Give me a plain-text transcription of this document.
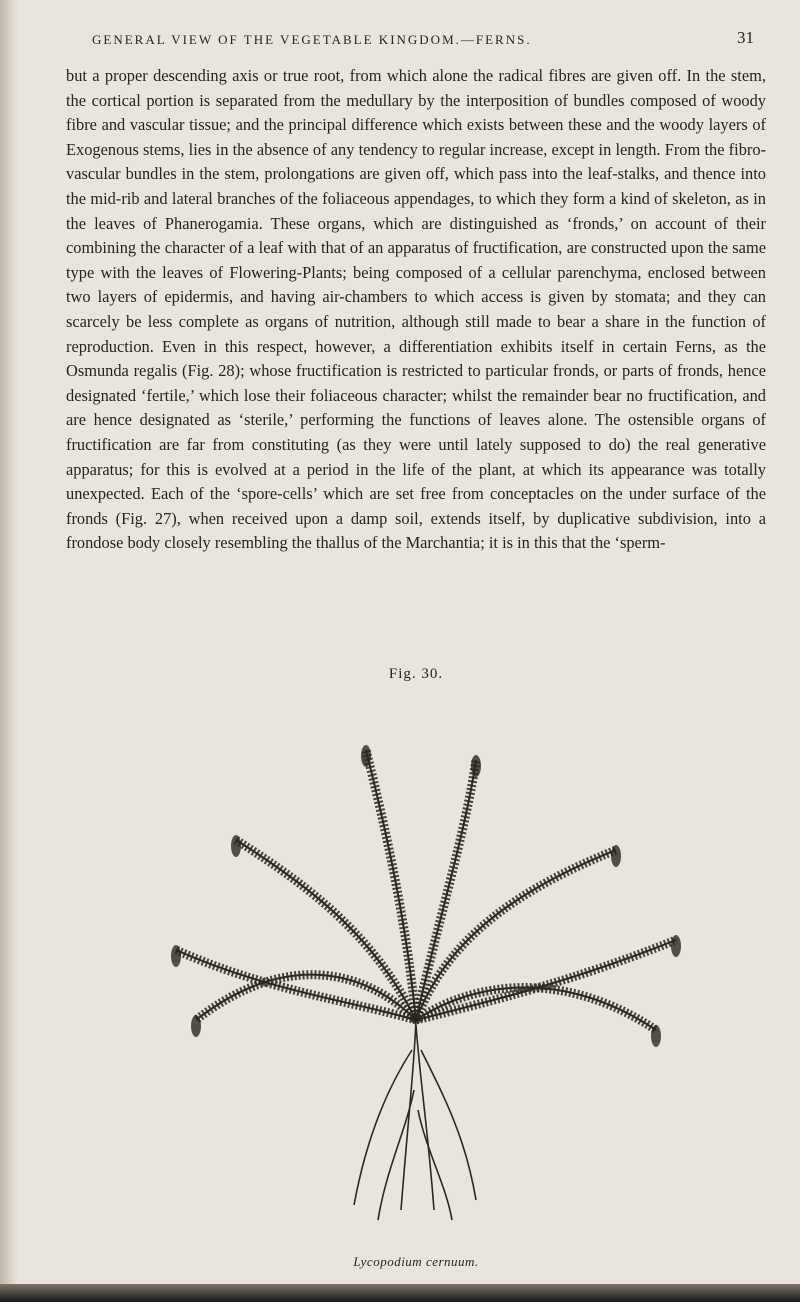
GENERAL VIEW OF THE VEGETABLE KINGDOM.—FERNS.	31

but a proper descending axis or true root, from which alone the radical fibres are given off. In the stem, the cortical portion is separated from the medullary by the interposition of bundles composed of woody fibre and vascular tissue; and the principal difference which exists between these and the woody layers of Exogenous stems, lies in the absence of any tendency to regular increase, except in length. From the fibro-vascular bundles in the stem, prolongations are given off, which pass into the leaf-stalks, and thence into the mid-rib and lateral branches of the foliaceous appendages, to which they form a kind of skeleton, as in the leaves of Phanerogamia. These organs, which are distinguished as ‘fronds,’ on account of their combining the character of a leaf with that of an apparatus of fructification, are constructed upon the same type with the leaves of Flowering-Plants; being composed of a cellular parenchyma, enclosed between two layers of epidermis, and having air-chambers to which access is given by stomata; and they can scarcely be less complete as organs of nutrition, although still made to bear a share in the function of reproduction. Even in this respect, however, a differentiation exhibits itself in certain Ferns, as the Osmunda regalis (Fig. 28); whose fructification is restricted to particular fronds, or parts of fronds, hence designated ‘fertile,’ which lose their foliaceous character; whilst the remainder bear no fructification, and are hence designated as ‘sterile,’ performing the functions of leaves alone. The ostensible organs of fructification are far from constituting (as they were until lately supposed to do) the real generative apparatus; for this is evolved at a period in the life of the plant, at which its appearance was totally unexpected. Each of the ‘spore-cells’ which are set free from conceptacles on the under surface of the fronds (Fig. 27), when received upon a damp soil, extends itself, by duplicative subdivision, into a frondose body closely resembling the thallus of the Marchantia; it is in this that the ‘sperm-

Fig. 30.
Lycopodium cernuum.
